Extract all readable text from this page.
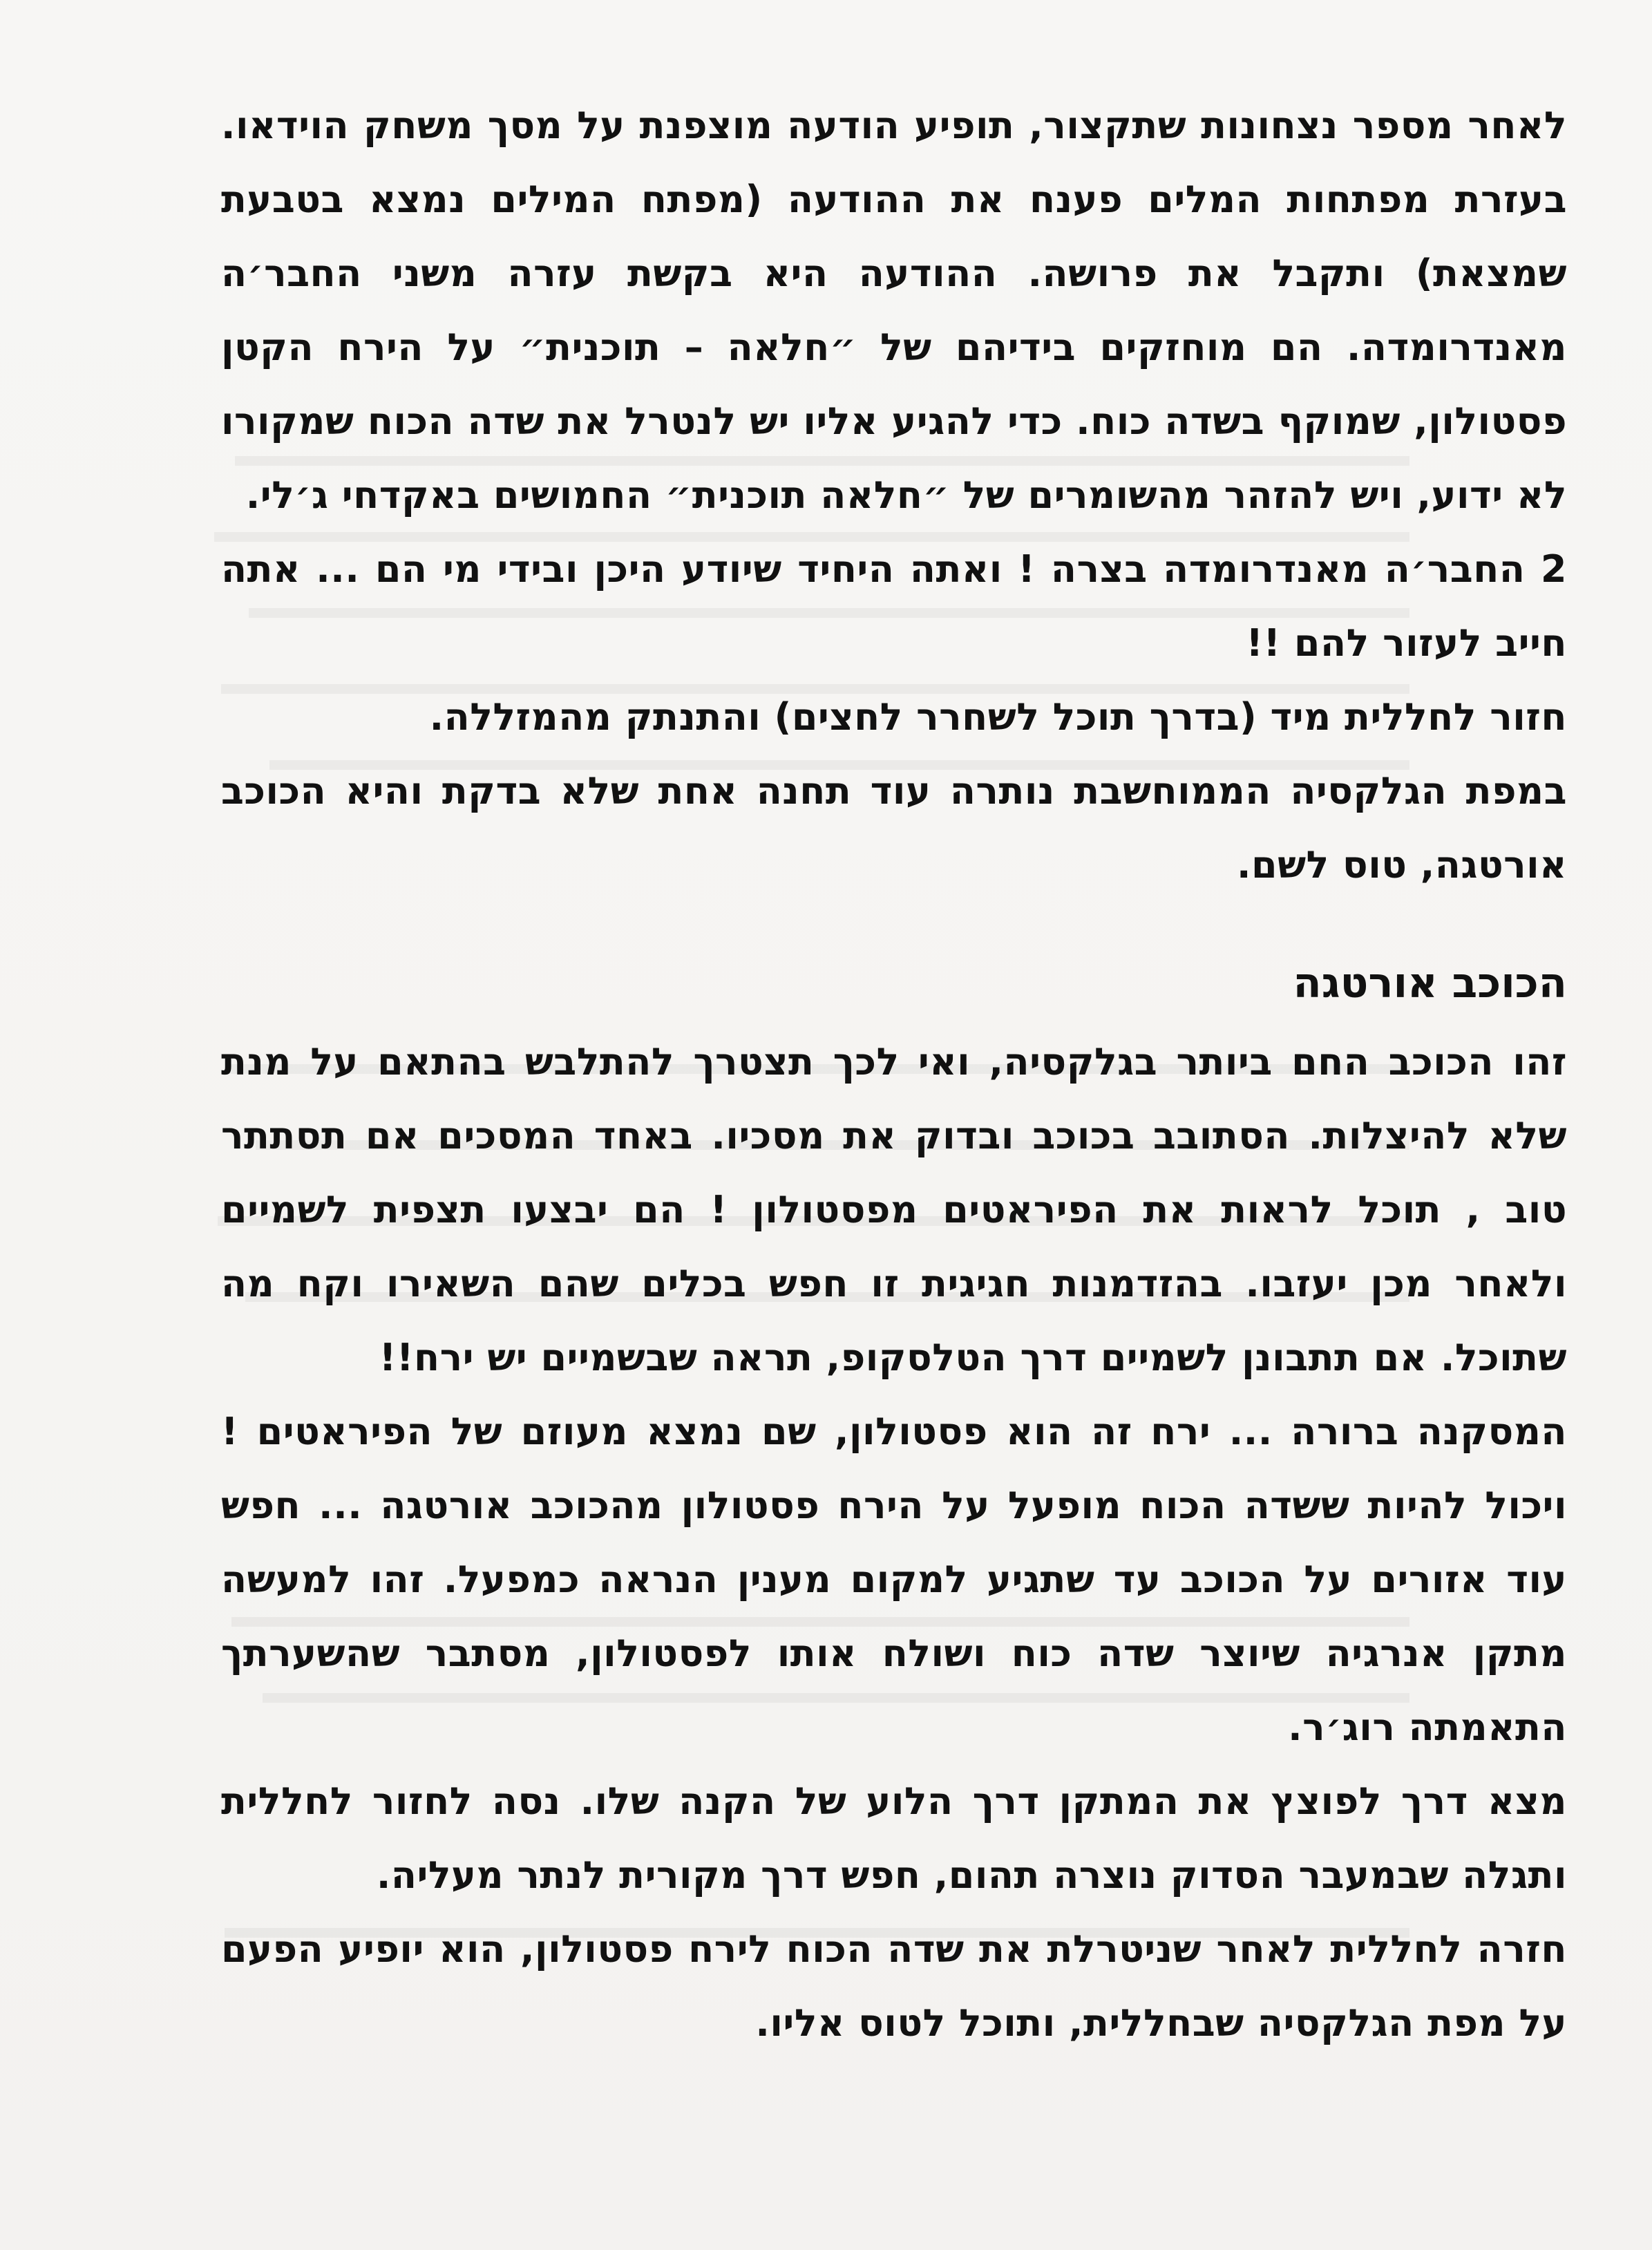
לאחר מספר נצחונות שתקצור, תופיע הודעה מוצפנת על מסך משחק הוידאו. בעזרת מפתחות המלים פענח את ההודעה (מפתח המילים נמצא בטבעת שמצאת) ותקבל את פרושה. ההודעה היא בקשת עזרה משני החבר׳ה מאנדרומדה. הם מוחזקים בידיהם של ״חלאה – תוכנית״ על הירח הקטן פסטולון, שמוקף בשדה כוח. כדי להגיע אליו יש לנטרל את שדה הכוח שמקורו לא ידוע, ויש להזהר מהשומרים של ״חלאה תוכנית״ החמושים באקדחי ג׳לי.

2 החבר׳ה מאנדרומדה בצרה ! ואתה היחיד שיודע היכן ובידי מי הם ... אתה חייב לעזור להם !!

חזור לחללית מיד (בדרך תוכל לשחרר לחצים) והתנתק מהמזללה.

במפת הגלקסיה הממוחשבת נותרה עוד תחנה אחת שלא בדקת והיא הכוכב אורטגה, טוס לשם.

הכוכב אורטגה

זהו הכוכב החם ביותר בגלקסיה, ואי לכך תצטרך להתלבש בהתאם על מנת שלא להיצלות. הסתובב בכוכב ובדוק את מסכיו. באחד המסכים אם תסתתר טוב , תוכל לראות את הפיראטים מפסטולון ! הם יבצעו תצפית לשמיים ולאחר מכן יעזבו. בהזדמנות חגיגית זו חפש בכלים שהם השאירו וקח מה שתוכל. אם תתבונן לשמיים דרך הטלסקופ, תראה שבשמיים יש ירח!!

המסקנה ברורה ... ירח זה הוא פסטולון, שם נמצא מעוזם של הפיראטים ! ויכול להיות ששדה הכוח מופעל על הירח פסטולון מהכוכב אורטגה ... חפש עוד אזורים על הכוכב עד שתגיע למקום מענין הנראה כמפעל. זהו למעשה מתקן אנרגיה שיוצר שדה כוח ושולח אותו לפסטולון, מסתבר שהשערתך התאמתה רוג׳ר.

מצא דרך לפוצץ את המתקן דרך הלוע של הקנה שלו. נסה לחזור לחללית ותגלה שבמעבר הסדוק נוצרה תהום, חפש דרך מקורית לנתר מעליה.

חזרה לחללית לאחר שניטרלת את שדה הכוח לירח פסטולון, הוא יופיע הפעם על מפת הגלקסיה שבחללית, ותוכל לטוס אליו.
